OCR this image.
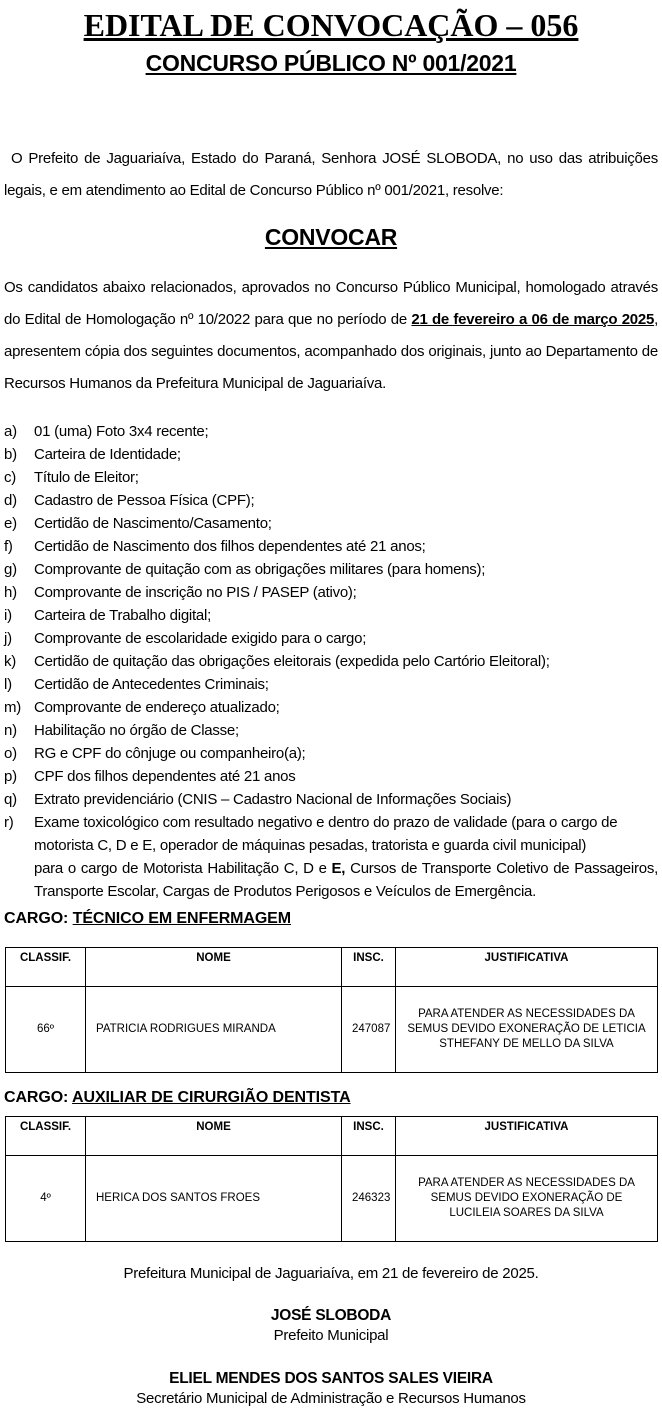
EDITAL DE CONVOCAÇÃO – 056
CONCURSO PÚBLICO Nº 001/2021

O Prefeito de Jaguariaíva, Estado do Paraná, Senhora JOSÉ SLOBODA, no uso das atribuições legais, e em atendimento ao Edital de Concurso Público nº 001/2021, resolve:

CONVOCAR

Os candidatos abaixo relacionados, aprovados no Concurso Público Municipal, homologado através do Edital de Homologação nº 10/2022 para que no período de 21 de fevereiro a 06 de março 2025, apresentem cópia dos seguintes documentos, acompanhado dos originais, junto ao Departamento de Recursos Humanos da Prefeitura Municipal de Jaguariaíva.

a)	01 (uma) Foto 3x4 recente;
b)	Carteira de Identidade;
c)	Título de Eleitor;
d)	Cadastro de Pessoa Física (CPF);
e)	Certidão de Nascimento/Casamento;
f)	Certidão de Nascimento dos filhos dependentes até 21 anos;
g)	Comprovante de quitação com as obrigações militares (para homens);
h)	Comprovante de inscrição no PIS / PASEP (ativo);
i)	Carteira de Trabalho digital;
j)	Comprovante de escolaridade exigido para o cargo;
k)	Certidão de quitação das obrigações eleitorais (expedida pelo Cartório Eleitoral);
l)	Certidão de Antecedentes Criminais;
m) Comprovante de endereço atualizado;
n)	Habilitação no órgão de Classe;
o)	RG e CPF do cônjuge ou companheiro(a);
p)	CPF dos filhos dependentes até 21 anos
q)	Extrato previdenciário (CNIS – Cadastro Nacional de Informações Sociais)
r)	Exame toxicológico com resultado negativo e dentro do prazo de validade (para o cargo de motorista C, D e E, operador de máquinas pesadas, tratorista e guarda civil municipal)
para o cargo de Motorista Habilitação C, D e E, Cursos de Transporte Coletivo de Passageiros, Transporte Escolar, Cargas de Produtos Perigosos e Veículos de Emergência.
CARGO: TÉCNICO EM ENFERMAGEM
CLASSIF.	NOME	INSC.	JUSTIFICATIVA
66º	PATRICIA RODRIGUES MIRANDA	247087	PARA ATENDER AS NECESSIDADES DA SEMUS DEVIDO EXONERAÇÃO DE LETICIA STHEFANY DE MELLO DA SILVA
CARGO: AUXILIAR DE CIRURGIÃO DENTISTA
CLASSIF.	NOME	INSC.	JUSTIFICATIVA
4º	HERICA DOS SANTOS FROES	246323	PARA ATENDER AS NECESSIDADES DA SEMUS DEVIDO EXONERAÇÃO DE LUCILEIA SOARES DA SILVA
Prefeitura Municipal de Jaguariaíva, em 21 de fevereiro de 2025.
JOSÉ SLOBODA
Prefeito Municipal
ELIEL MENDES DOS SANTOS SALES VIEIRA
Secretário Municipal de Administração e Recursos Humanos
